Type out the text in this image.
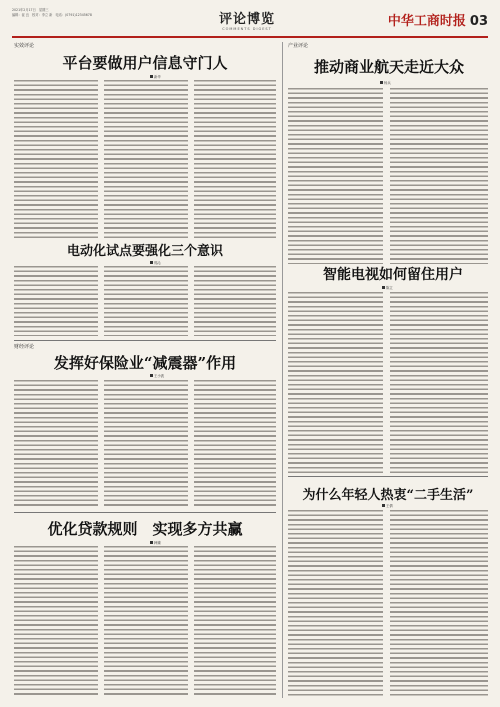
2021年2月17日　星期三
编辑：崔 良　校对：李立 新　电话：(0791)12345678	评论博览
COMMENTS DIGEST	中华工商时报 03
实效评论
平台要做用户信息守门人
新华
电动化试点要强化三个意识
郭沁
财经评论
发挥好保险业“减震器”作用
王小波
优化贷款规则　实现多方共赢
韩臻
产业评论
推动商业航天走近大众
杨兵
智能电视如何留住用户
陈立
为什么年轻人热衷“二手生活”
王倩
